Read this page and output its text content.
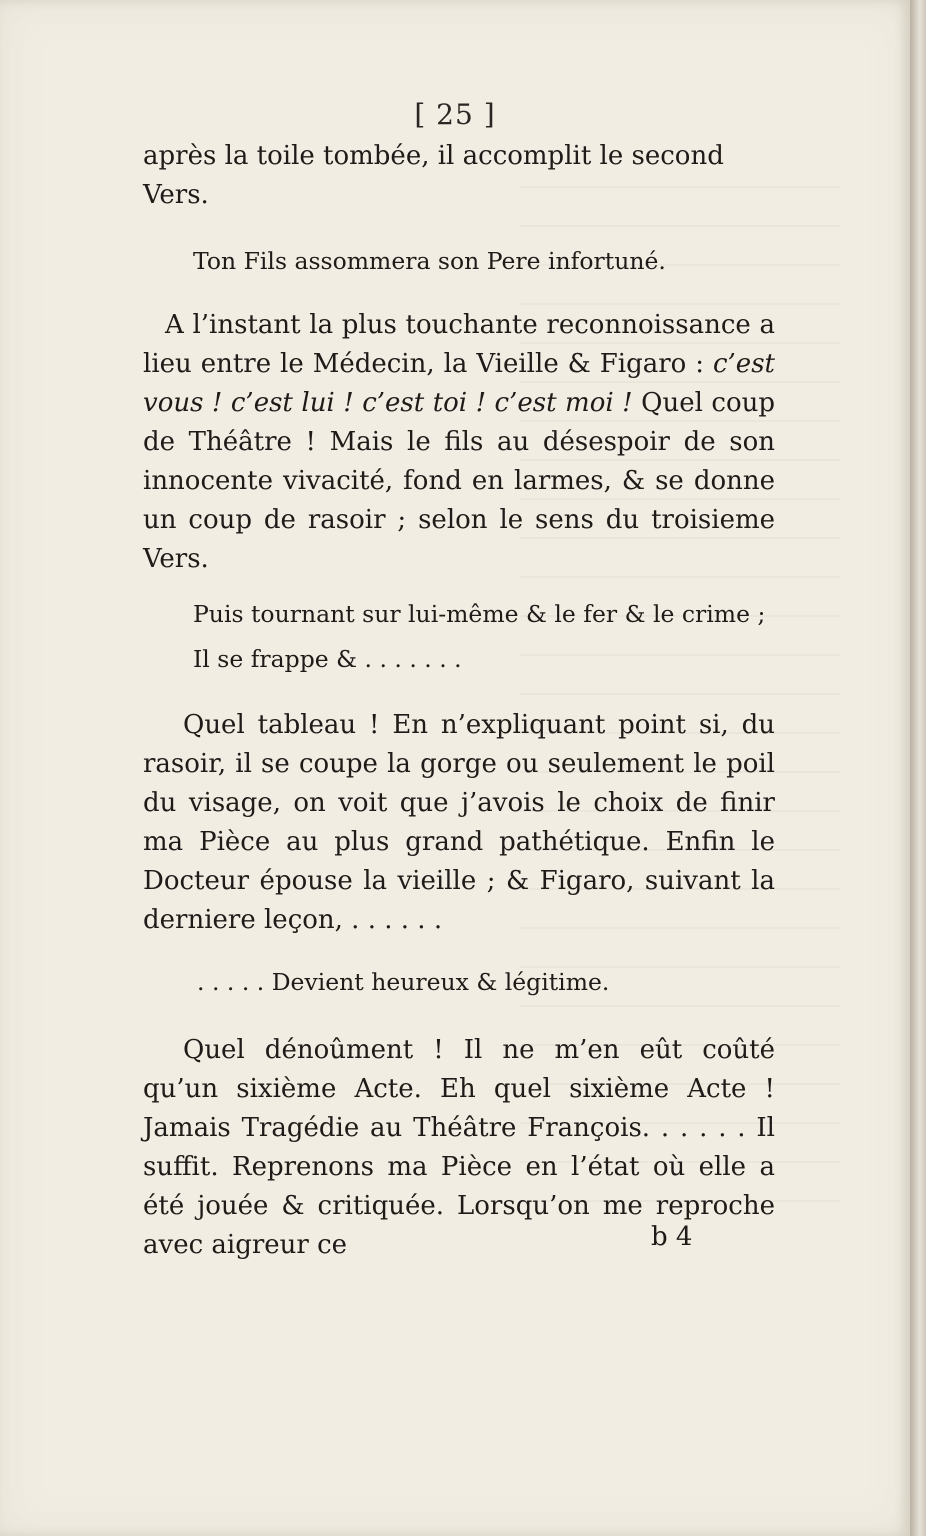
[ 25 ]

après la toile tombée, il accomplit le second

Vers.

Ton Fils assommera son Pere infortuné.

A l’instant la plus touchante reconnoissance a lieu entre le Médecin, la Vieille & Figaro : c’est vous ! c’est lui ! c’est toi ! c’est moi ! Quel coup de Théâtre ! Mais le fils au désespoir de son innocente vivacité, fond en larmes, & se donne un coup de rasoir ; selon le sens du troisieme Vers.

Puis tournant sur lui-même & le fer & le crime ;
Il se frappe & . . . . . . .

Quel tableau ! En n’expliquant point si, du rasoir, il se coupe la gorge ou seulement le poil du visage, on voit que j’avois le choix de finir ma Pièce au plus grand pathétique. Enfin le Docteur épouse la vieille ; & Figaro, suivant la derniere leçon, . . . . . .

. . . . . Devient heureux & légitime.

Quel dénoûment ! Il ne m’en eût coûté qu’un sixième Acte. Eh quel sixième Acte ! Jamais Tragédie au Théâtre François. . . . . . Il suffit. Reprenons ma Pièce en l’état où elle a été jouée & critiquée. Lorsqu’on me reproche avec aigreur ce	b 4
